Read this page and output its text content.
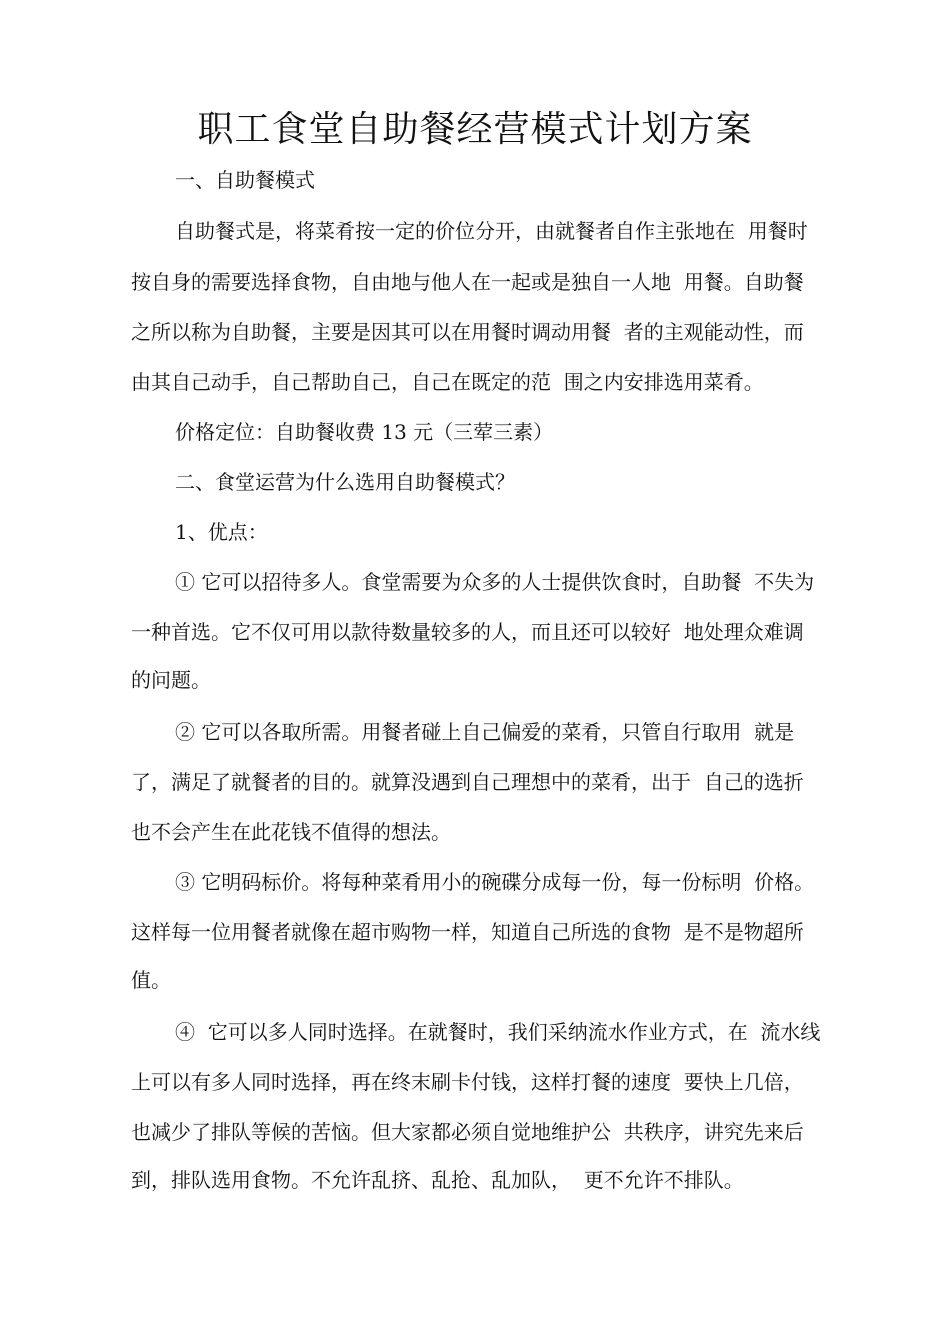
职工食堂自助餐经营模式计划方案

一、自助餐模式

自助餐式是，将菜肴按一定的价位分开，由就餐者自作主张地在  用餐时

按自身的需要选择食物，自由地与他人在一起或是独自一人地  用餐。自助餐

之所以称为自助餐，主要是因其可以在用餐时调动用餐  者的主观能动性，而

由其自己动手，自己帮助自己，自己在既定的范  围之内安排选用菜肴。

价格定位：自助餐收费 13 元（三荤三素）

二、食堂运营为什么选用自助餐模式？

1、优点：

① 它可以招待多人。食堂需要为众多的人士提供饮食时，自助餐  不失为

一种首选。它不仅可用以款待数量较多的人，而且还可以较好  地处理众难调

的问题。

② 它可以各取所需。用餐者碰上自己偏爱的菜肴，只管自行取用  就是

了，满足了就餐者的目的。就算没遇到自己理想中的菜肴，出于  自己的选折

也不会产生在此花钱不值得的想法。

③ 它明码标价。将每种菜肴用小的碗碟分成每一份，每一份标明  价格。

这样每一位用餐者就像在超市购物一样，知道自己所选的食物  是不是物超所

值。

④  它可以多人同时选择。在就餐时，我们采纳流水作业方式，在  流水线

上可以有多人同时选择，再在终末刷卡付钱，这样打餐的速度  要快上几倍，

也减少了排队等候的苦恼。但大家都必须自觉地维护公  共秩序，讲究先来后

到，排队选用食物。不允许乱挤、乱抢、乱加队，  更不允许不排队。
